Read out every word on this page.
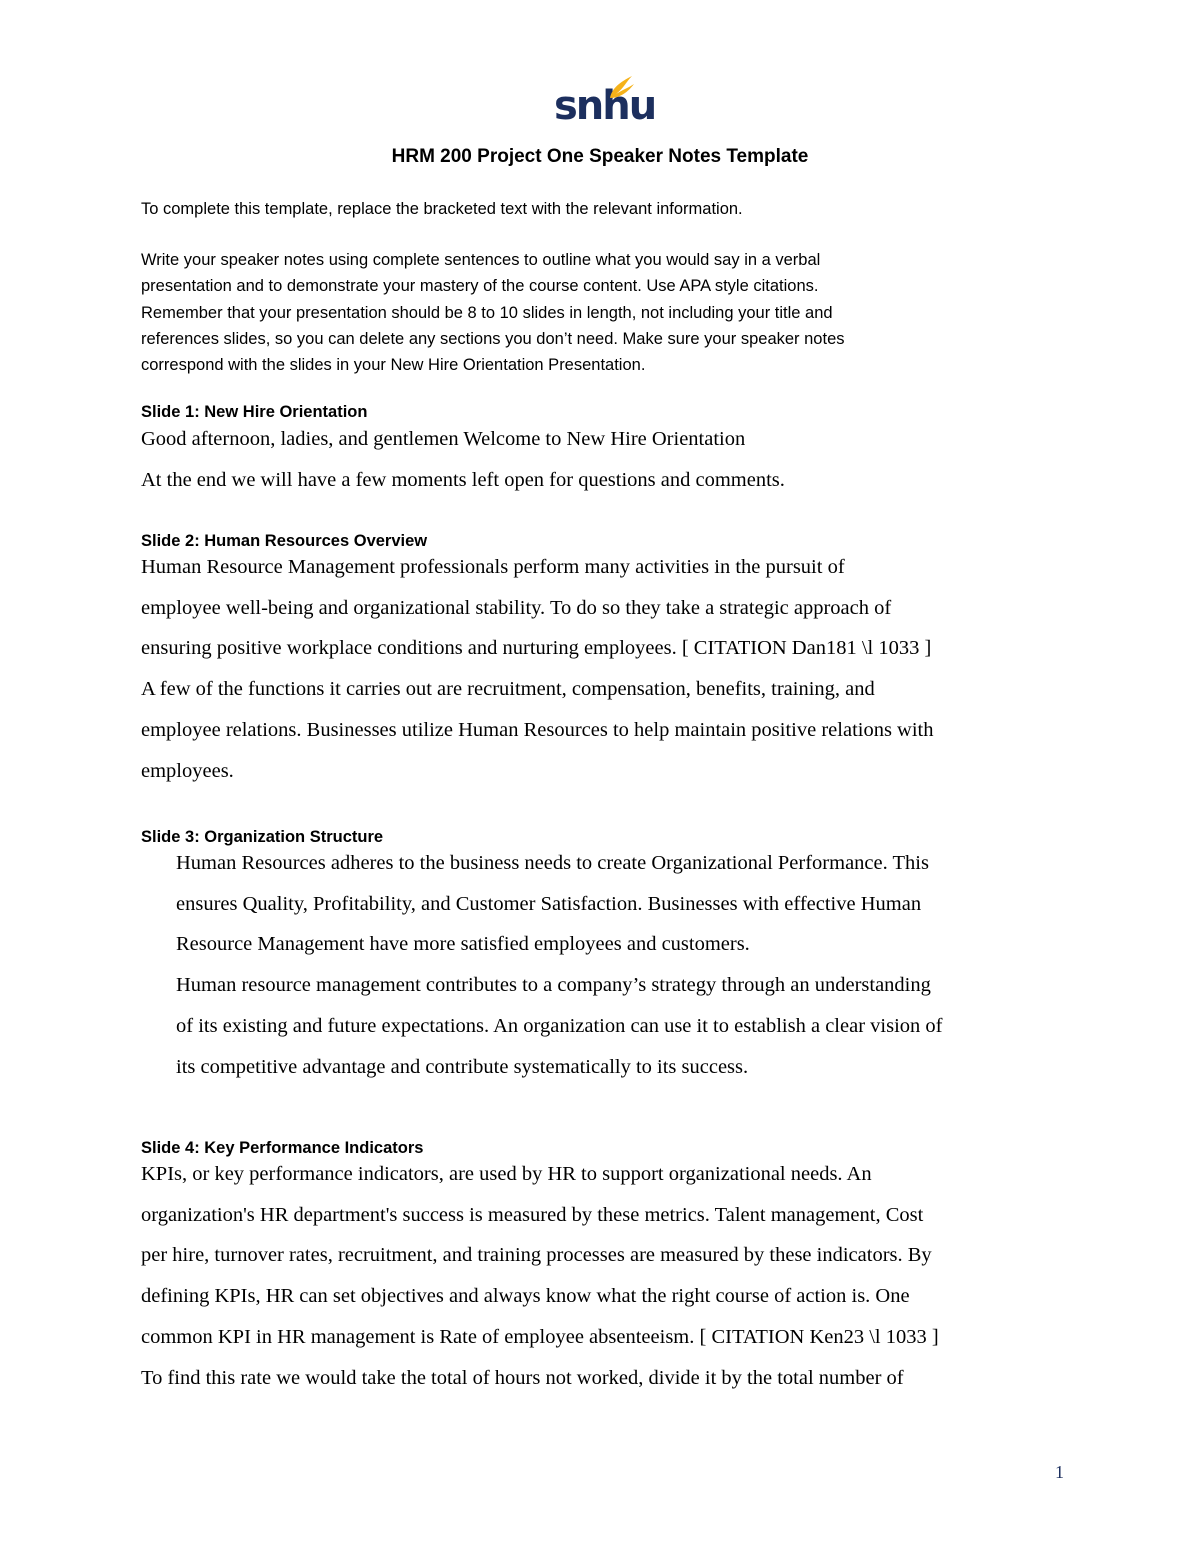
snhu
HRM 200 Project One Speaker Notes Template
To complete this template, replace the bracketed text with the relevant information.
Write your speaker notes using complete sentences to outline what you would say in a verbal
presentation and to demonstrate your mastery of the course content. Use APA style citations.
Remember that your presentation should be 8 to 10 slides in length, not including your title and
references slides, so you can delete any sections you don’t need. Make sure your speaker notes
correspond with the slides in your New Hire Orientation Presentation.
Slide 1: New Hire Orientation
Good afternoon, ladies, and gentlemen Welcome to New Hire Orientation
At the end we will have a few moments left open for questions and comments.
Slide 2: Human Resources Overview
Human Resource Management professionals perform many activities in the pursuit of
employee well-being and organizational stability. To do so they take a strategic approach of
ensuring positive workplace conditions and nurturing employees. [ CITATION Dan181 \l 1033 ]
A few of the functions it carries out are recruitment, compensation, benefits, training, and
employee relations. Businesses utilize Human Resources to help maintain positive relations with
employees.
Slide 3: Organization Structure
Human Resources adheres to the business needs to create Organizational Performance. This
ensures Quality, Profitability, and Customer Satisfaction. Businesses with effective Human
Resource Management have more satisfied employees and customers.
Human resource management contributes to a company’s strategy through an understanding
of its existing and future expectations. An organization can use it to establish a clear vision of
its competitive advantage and contribute systematically to its success.
Slide 4: Key Performance Indicators
KPIs, or key performance indicators, are used by HR to support organizational needs. An
organization's HR department's success is measured by these metrics. Talent management, Cost
per hire, turnover rates, recruitment, and training processes are measured by these indicators. By
defining KPIs, HR can set objectives and always know what the right course of action is. One
common KPI in HR management is Rate of employee absenteeism. [ CITATION Ken23 \l 1033 ]
To find this rate we would take the total of hours not worked, divide it by the total number of
1
